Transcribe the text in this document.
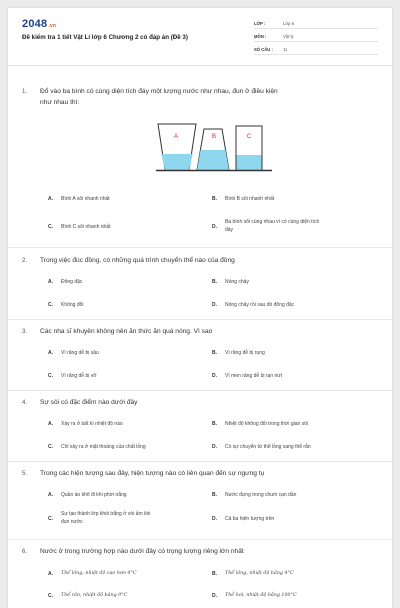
2048.vn
Đề kiểm tra 1 tiết Vật Lí lớp 6 Chương 2 có đáp án (Đề 3)
LỚP :	Lớp 6
MÔN :	Vật lý
SỐ CÂU :	11
1. Đổ vào ba bình có cùng diện tích đáy một lượng nước như nhau, đun ở điều kiện
như nhau thì:
A	B	C
A.	Bình A sôi nhanh nhất	B.	Bình B sôi nhanh nhất
C.	Bình C sôi nhanh nhất	D.
Ba bình sôi cùng nhau vì có cùng diện tích
đáy
2. Trong việc đúc đồng, có những quá trình chuyển thể nào của đồng
A.	Đông đặc	B.	Nóng chảy
C.	Không đổi	D.	Nóng chảy rồi sau đó đông đặc
3. Các nha sĩ khuyên không nên ăn thức ăn quá nóng. Vì sao
A.	Vì răng dễ bị sâu	B.	Vì răng dễ bị rụng
C.	Vì răng dễ bị vỡ	D.	Vì men răng dễ bị rạn nứt
4. Sự sôi có đặc điểm nào dưới đây
A.	Xảy ra ở bất kì nhiệt độ nào	B.	Nhiệt độ không đổi trong thời gian sôi
C.	Chỉ xảy ra ở mặt thoáng của chất lỏng	D.	Có sự chuyển từ thể lỏng sang thể rắn
5. Trong các hiện tượng sau đây, hiện tượng nào có liên quan đến sự ngưng tụ
A.	Quần áo khô đi khi phơi nắng	B.	Nước đựng trong chum cạn dần
C.
Sự tạo thành lớp khói trắng ở vòi ấm khi
đun nước	D.	Cả ba hiện tượng trên
6. Nước ở trong trường hợp nào dưới đây có trọng lượng riêng lớn nhất
A.	Thể lỏng, nhiệt độ cao hơn 4°C	B.	Thể lỏng, nhiệt độ bằng 4°C
C.	Thể rắn, nhiệt độ bằng 0°C	D.	Thể hơi, nhiệt độ bằng 100°C
